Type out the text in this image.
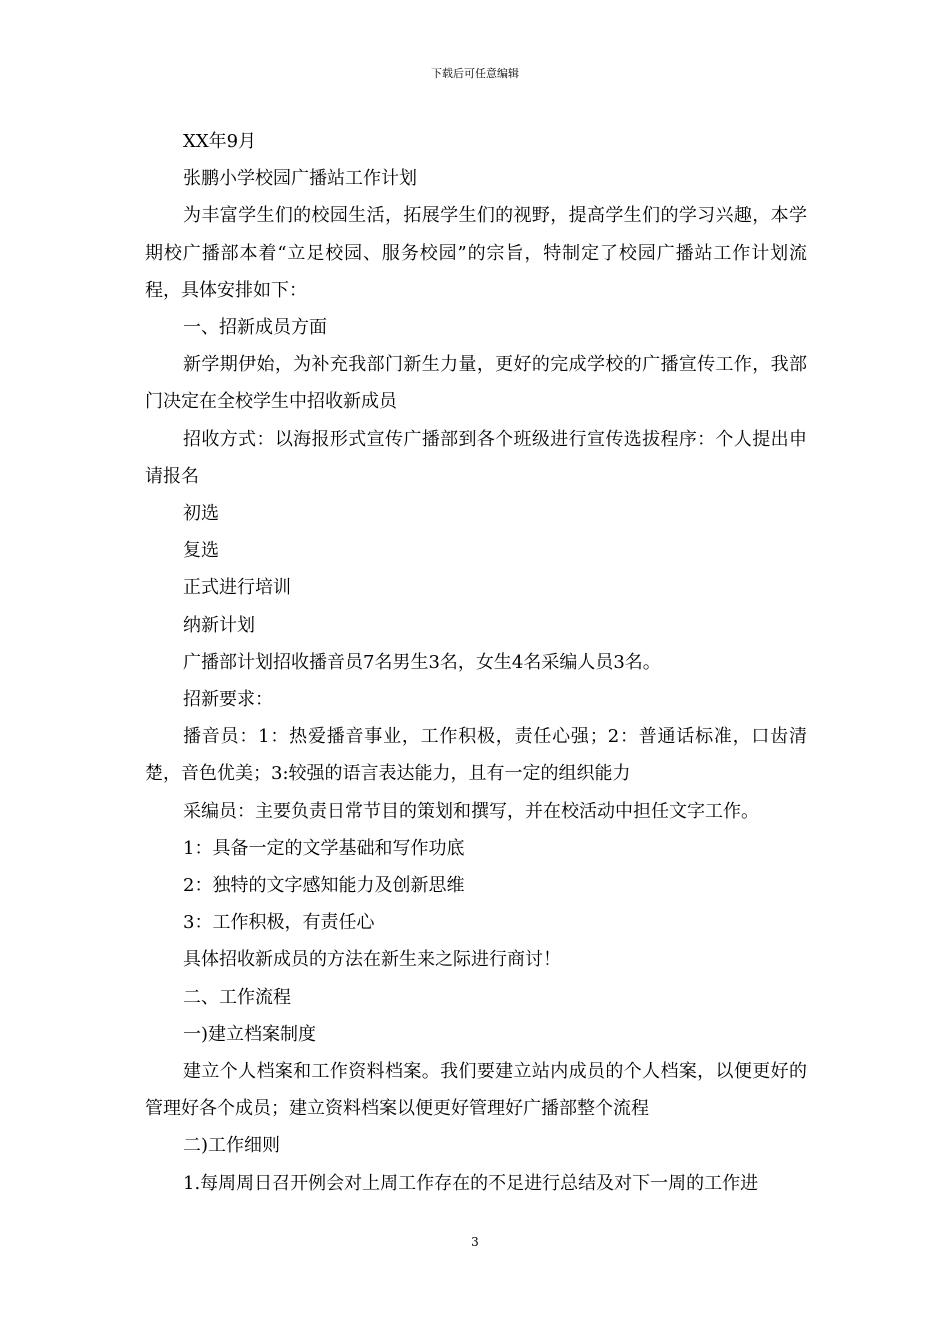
下载后可任意编辑

XX年9月

张鹏小学校园广播站工作计划

为丰富学生们的校园生活，拓展学生们的视野，提高学生们的学习兴趣，本学期校广播部本着“立足校园、服务校园”的宗旨，特制定了校园广播站工作计划流程，具体安排如下：

一、招新成员方面

新学期伊始，为补充我部门新生力量，更好的完成学校的广播宣传工作，我部门决定在全校学生中招收新成员

招收方式：以海报形式宣传广播部到各个班级进行宣传选拔程序：个人提出申请报名

初选

复选

正式进行培训

纳新计划

广播部计划招收播音员7名男生3名，女生4名采编人员3名。

招新要求：

播音员：1：热爱播音事业，工作积极，责任心强；2：普通话标准，口齿清楚，音色优美；3:较强的语言表达能力，且有一定的组织能力

采编员：主要负责日常节目的策划和撰写，并在校活动中担任文字工作。

1：具备一定的文学基础和写作功底

2：独特的文字感知能力及创新思维

3：工作积极，有责任心

具体招收新成员的方法在新生来之际进行商讨！

二、工作流程

一)建立档案制度

建立个人档案和工作资料档案。我们要建立站内成员的个人档案，以便更好的管理好各个成员；建立资料档案以便更好管理好广播部整个流程

二)工作细则

1.每周周日召开例会对上周工作存在的不足进行总结及对下一周的工作进

3
